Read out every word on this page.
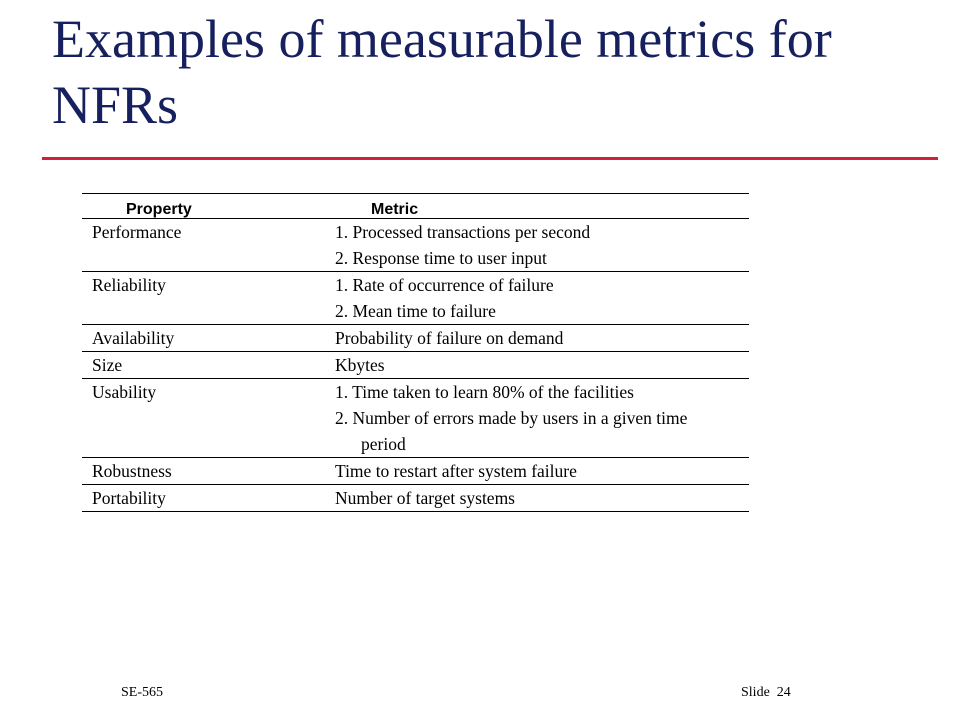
Examples of measurable metrics for NFRs
Property	Metric
Performance	1. Processed transactions per second
2. Response time to user input

Reliability	1. Rate of occurrence of failure
2. Mean time to failure

Availability	Probability of failure on demand

Size	Kbytes

Usability	1. Time taken to learn 80% of the facilities
2. Number of errors made by users in a given time
period

Robustness	Time to restart after system failure

Portability	Number of target systems
SE-565	Slide  24
